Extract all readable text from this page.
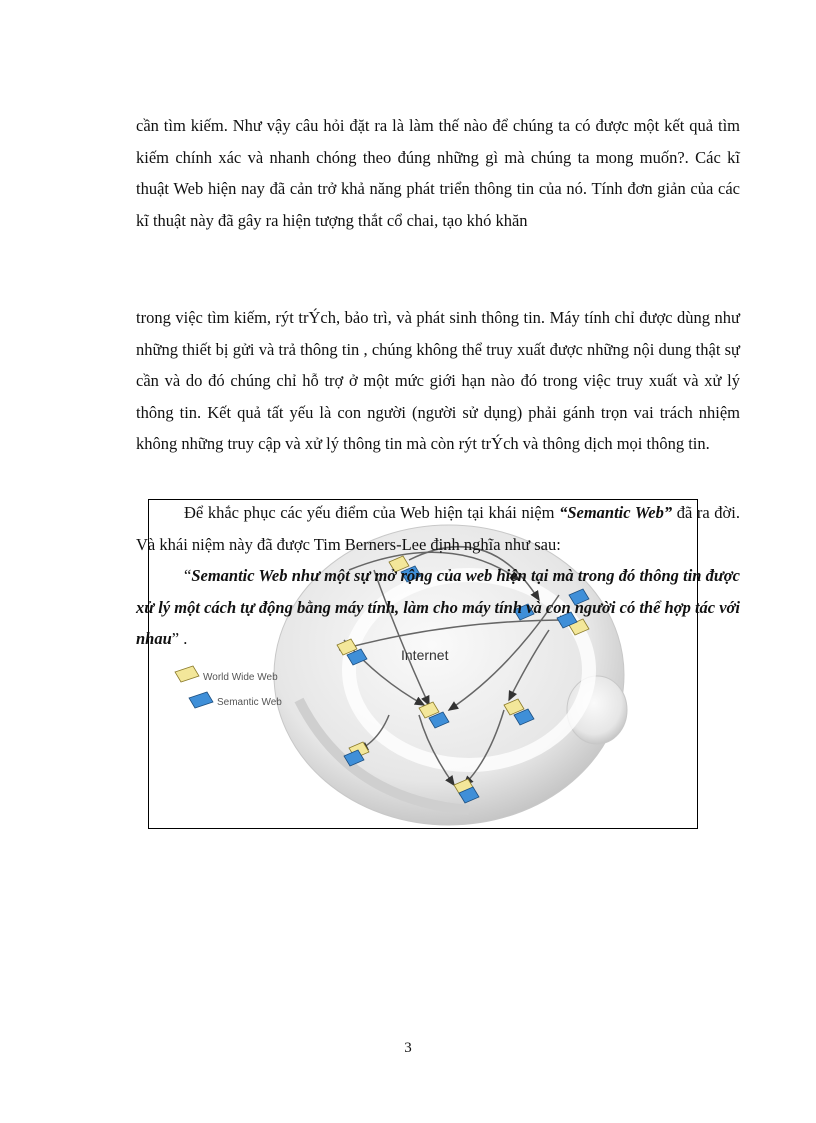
cần tìm kiếm. Như vậy câu hỏi đặt ra là làm thế nào để chúng ta có được một kết quả tìm kiếm chính xác và nhanh chóng theo đúng những gì mà chúng ta mong muốn?. Các kĩ thuật Web hiện nay đã cản trở khả năng phát triển thông tin của nó. Tính đơn giản của các kĩ thuật này đã gây ra hiện tượng thắt cổ chai, tạo khó khăn

trong việc tìm kiếm, rýt trÝch, bảo trì, và phát sinh thông tin. Máy tính chỉ được dùng như những thiết bị gửi và trả thông tin , chúng không thể truy xuất được những nội dung thật sự cần và do đó chúng chỉ hỗ trợ ở một mức giới hạn nào đó trong việc truy xuất và xử lý thông tin. Kết quả tất yếu là con người (người sử dụng) phải gánh trọn vai trách nhiệm không những truy cập và xử lý thông tin mà còn rýt trÝch và thông dịch mọi thông tin.

Internet
World Wide Web
Semantic Web

Để khắc phục các yếu điểm của Web hiện tại khái niệm “Semantic Web” đã ra đời. Và khái niệm này đã được Tim Berners-Lee định nghĩa như sau:

“Semantic Web như một sự mở rộng của web hiện tại mà trong đó thông tin được xử lý một cách tự động bằng máy tính, làm cho máy tính và con người có thể hợp tác với nhau” .

3
